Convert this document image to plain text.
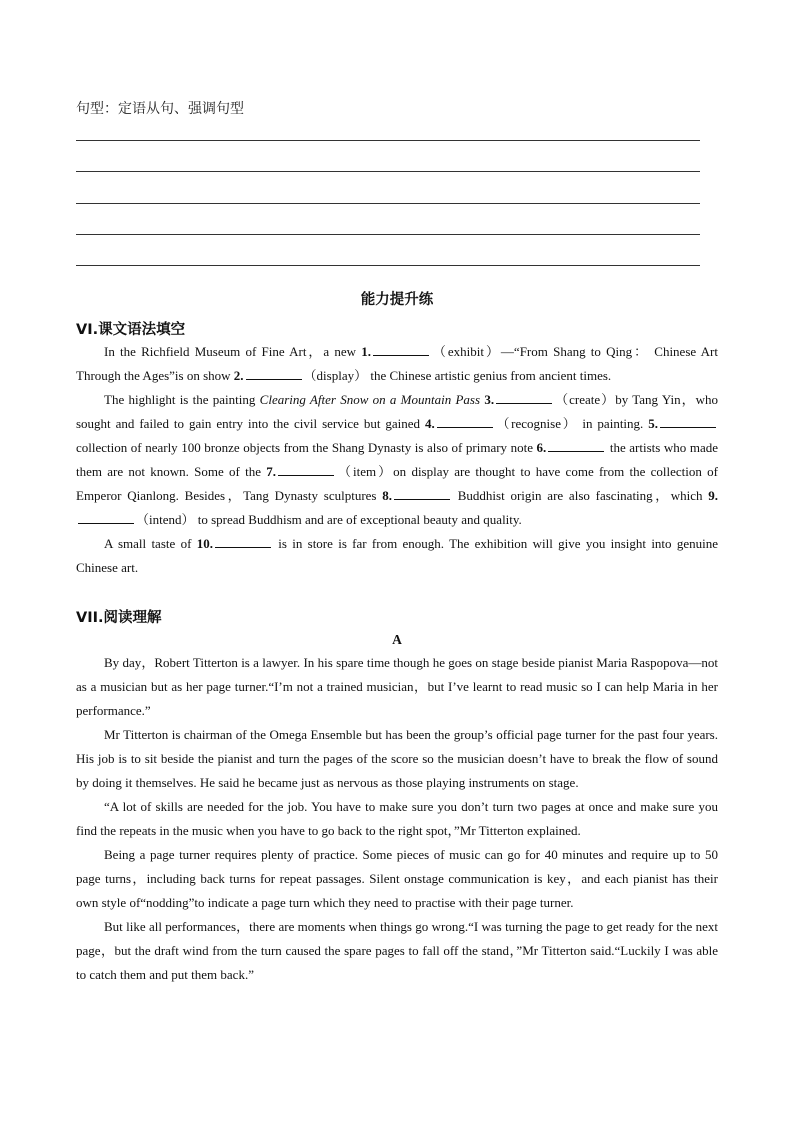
句型：定语从句、强调句型
能力提升练
VI.课文语法填空

In the Richfield Museum of Fine Art，a new 1.	（exhibit）—“From Shang to Qing： Chinese Art Through the Ages”is on show 2.	（display） the Chinese artistic genius from ancient times.

The highlight is the painting Clearing After Snow on a Mountain Pass 3.	（create）by Tang Yin，who sought and failed to gain entry into the civil service but gained 4.	（recognise） in painting. 5. collection of nearly 100 bronze objects from the Shang Dynasty is also of primary note 6.	the artists who made them are not known. Some of the 7.	（item）on display are thought to have come from the collection of Emperor Qianlong. Besides，Tang Dynasty sculptures 8.	Buddhist origin are also fascinating，which 9.（intend） to spread Buddhism and are of exceptional beauty and quality.

A small taste of 10.	is in store is far from enough. The exhibition will give you insight into genuine Chinese art.

VII.阅读理解
A

By day，Robert Titterton is a lawyer. In his spare time though he goes on stage beside pianist Maria Raspopova—not as a musician but as her page turner.“I’m not a trained musician，but I’ve learnt to read music so I can help Maria in her performance.”

Mr Titterton is chairman of the Omega Ensemble but has been the group’s official page turner for the past four years. His job is to sit beside the pianist and turn the pages of the score so the musician doesn’t have to break the flow of sound by doing it themselves. He said he became just as nervous as those playing instruments on stage.

“A lot of skills are needed for the job. You have to make sure you don’t turn two pages at once and make sure you find the repeats in the music when you have to go back to the right spot，”Mr Titterton explained.

Being a page turner requires plenty of practice. Some pieces of music can go for 40 minutes and require up to 50 page turns，including back turns for repeat passages. Silent onstage communication is key，and each pianist has their own style of“nodding”to indicate a page turn which they need to practise with their page turner.

But like all performances，there are moments when things go wrong.“I was turning the page to get ready for the next page，but the draft wind from the turn caused the spare pages to fall off the stand，”Mr Titterton said.“Luckily I was able to catch them and put them back.”
